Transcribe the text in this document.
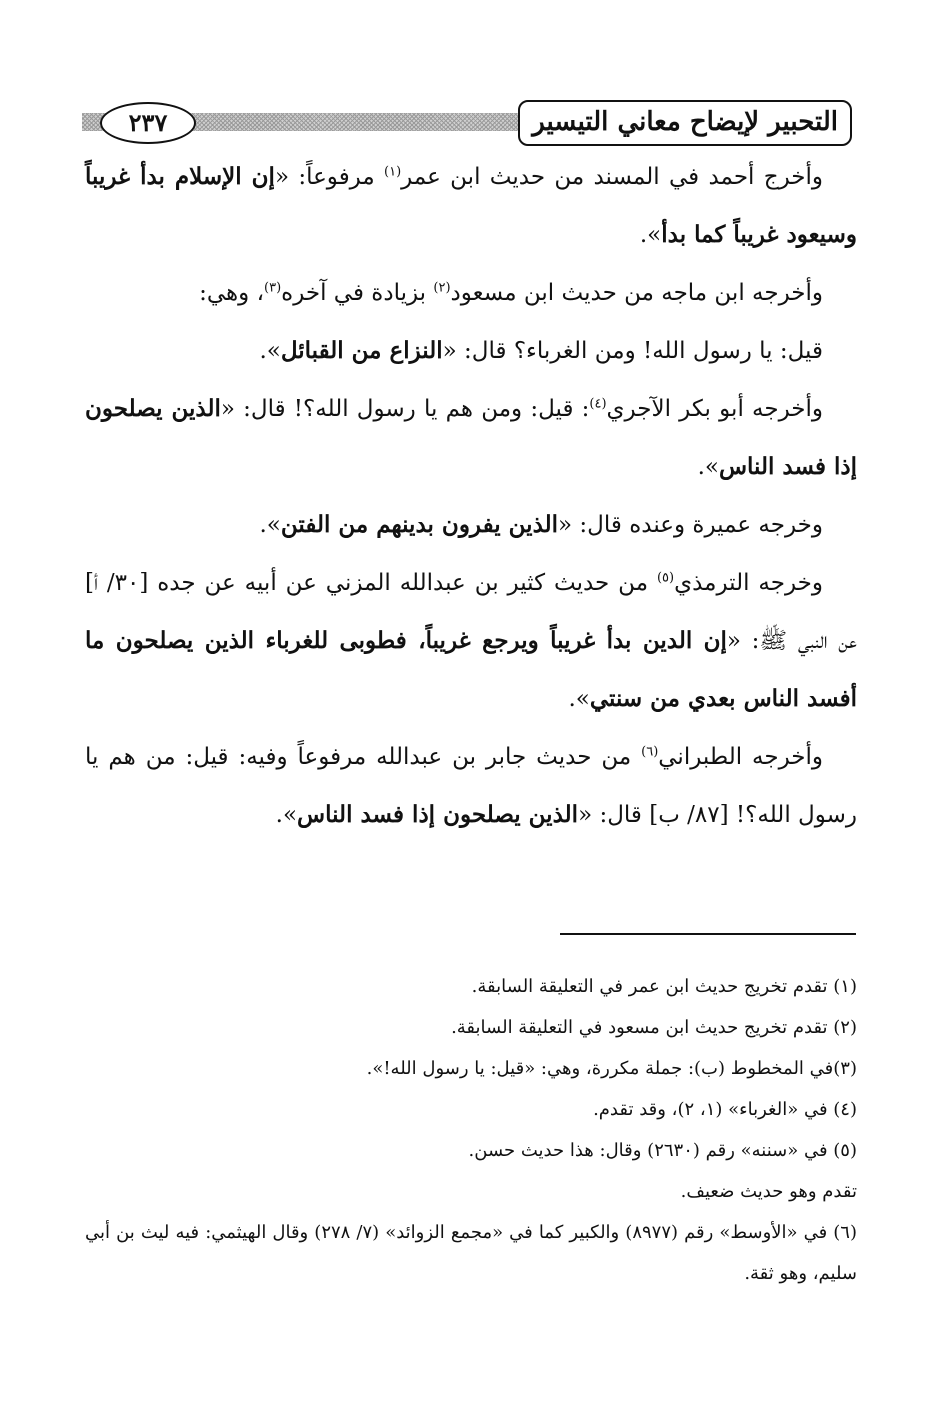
التحبير لإيضاح معاني التيسير
٢٣٧

وأخرج أحمد في المسند من حديث ابن عمر$^{(١)}$ مرفوعاً: «إن الإسلام بدأ غريباً وسيعود غريباً كما بدأ».

وأخرجه ابن ماجه من حديث ابن مسعود$^{(٢)}$ بزيادة في آخره$^{(٣)}$، وهي:

قيل: يا رسول الله! ومن الغرباء؟ قال: «النزاع من القبائل».

وأخرجه أبو بكر الآجري$^{(٤)}$: قيل: ومن هم يا رسول الله؟! قال: «الذين يصلحون إذا فسد الناس».

وخرجه عميرة وعنده قال: «الذين يفرون بدينهم من الفتن».

وخرجه الترمذي$^{(٥)}$ من حديث كثير بن عبدالله المزني عن أبيه عن جده [٣٠/ أ] عن النبي ﷺ: «إن الدين بدأ غريباً ويرجع غريباً، فطوبى للغرباء الذين يصلحون ما أفسد الناس بعدي من سنتي».

وأخرجه الطبراني$^{(٦)}$ من حديث جابر بن عبدالله مرفوعاً وفيه: قيل: من هم يا رسول الله؟! [٨٧/ ب] قال: «الذين يصلحون إذا فسد الناس».

(١) تقدم تخريج حديث ابن عمر في التعليقة السابقة.

(٢) تقدم تخريج حديث ابن مسعود في التعليقة السابقة.

(٣)في المخطوط (ب): جملة مكررة، وهي: «قيل: يا رسول الله!».

(٤) في «الغرباء» (١، ٢)، وقد تقدم.

(٥) في «سننه» رقم (٢٦٣٠) وقال: هذا حديث حسن.

تقدم وهو حديث ضعيف.

(٦) في «الأوسط» رقم (٨٩٧٧) والكبير كما في «مجمع الزوائد» (٧/ ٢٧٨) وقال الهيثمي: فيه ليث بن أبي سليم، وهو ثقة.
